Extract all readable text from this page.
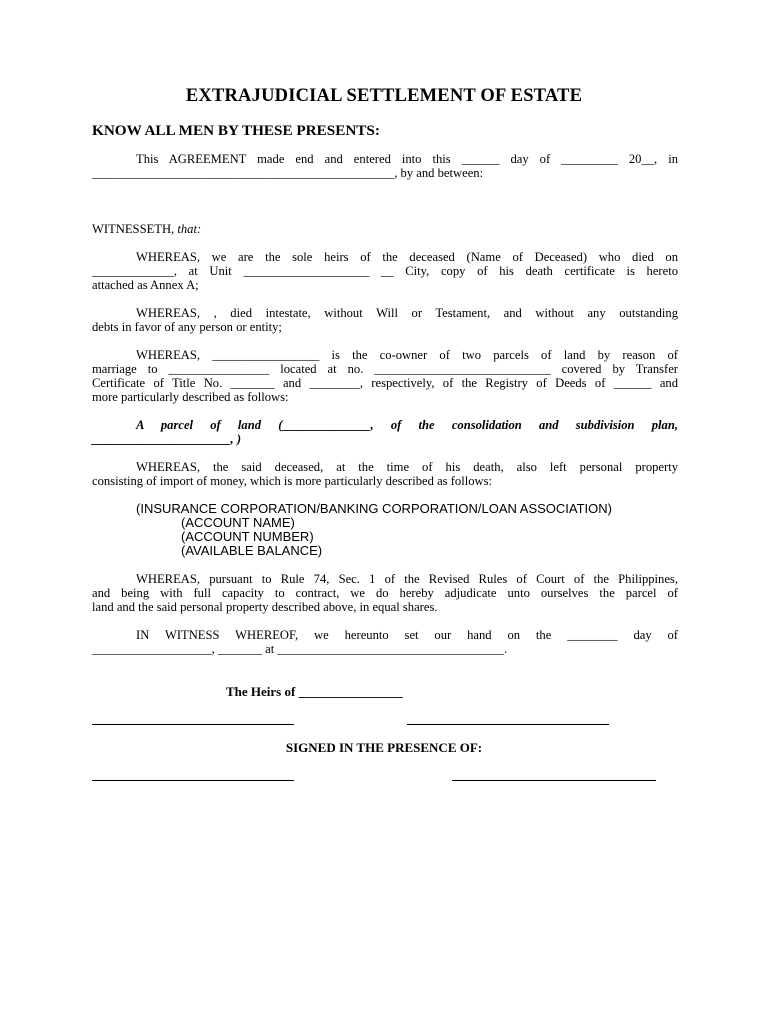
EXTRAJUDICIAL SETTLEMENT OF ESTATE
KNOW ALL MEN BY THESE PRESENTS:
This AGREEMENT made end and entered into this ______ day of _________ 20__, in
________________________________________________, by and between:
WITNESSETH, that:
WHEREAS, we are the sole heirs of the deceased (Name of Deceased) who died on
_____________, at Unit ____________________ __ City, copy of his death certificate is hereto
attached as Annex A;
WHEREAS, , died intestate, without Will or Testament, and without any outstanding
debts in favor of any person or entity;
WHEREAS, _________________ is the co-owner of two parcels of land by reason of
marriage to ________________ located at no. ____________________________ covered by Transfer
Certificate of Title No. _______ and ________, respectively, of the Registry of Deeds of ______ and
more particularly described as follows:
A parcel of land (______________, of the consolidation and subdivision plan,
______________________, )
WHEREAS, the said deceased, at the time of his death, also left personal property
consisting of import of money, which is more particularly described as follows:
(INSURANCE CORPORATION/BANKING CORPORATION/LOAN ASSOCIATION)
(ACCOUNT NAME)
(ACCOUNT NUMBER)
(AVAILABLE BALANCE)
WHEREAS, pursuant to Rule 74, Sec. 1 of the Revised Rules of Court of the Philippines,
and being with full capacity to contract, we do hereby adjudicate unto ourselves the parcel of
land and the said personal property described above, in equal shares.
IN WITNESS WHEREOF, we hereunto set our hand on the ________ day of
___________________, _______ at ____________________________________.
The Heirs of ________________
SIGNED IN THE PRESENCE OF:
